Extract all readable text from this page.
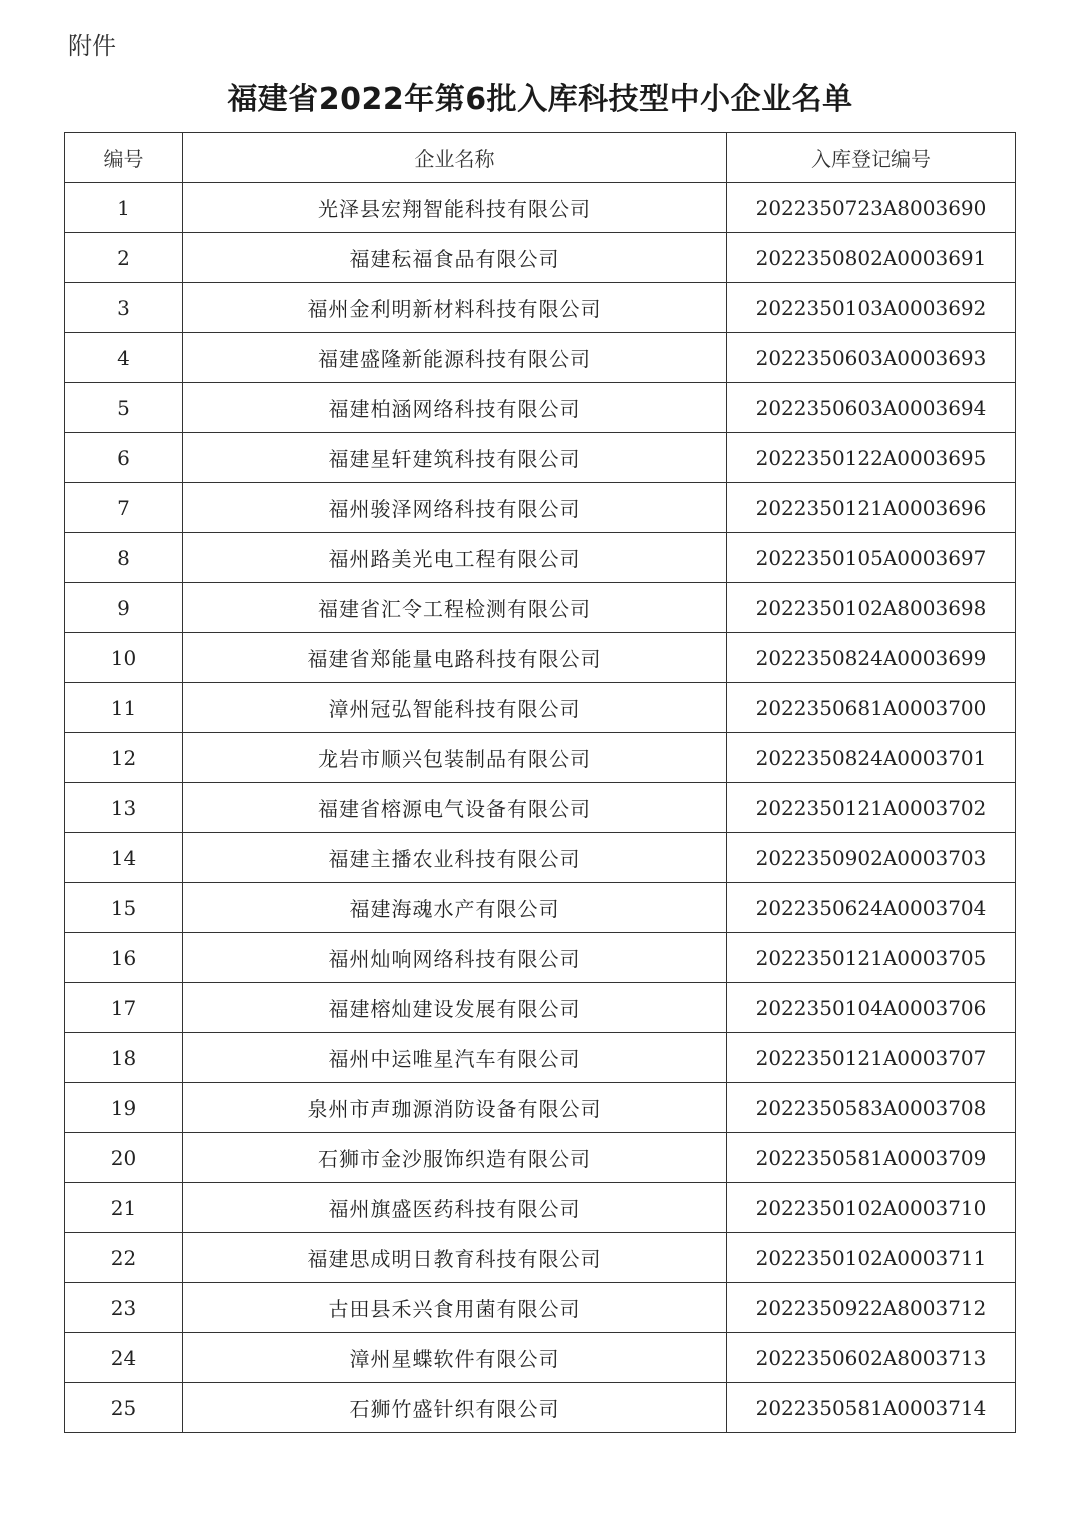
附件
福建省2022年第6批入库科技型中小企业名单
编号	企业名称	入库登记编号
1	光泽县宏翔智能科技有限公司	2022350723A8003690
2	福建秐福食品有限公司	2022350802A0003691
3	福州金利明新材料科技有限公司	2022350103A0003692
4	福建盛隆新能源科技有限公司	2022350603A0003693
5	福建柏涵网络科技有限公司	2022350603A0003694
6	福建星轩建筑科技有限公司	2022350122A0003695
7	福州骏泽网络科技有限公司	2022350121A0003696
8	福州路美光电工程有限公司	2022350105A0003697
9	福建省汇令工程检测有限公司	2022350102A8003698
10	福建省郑能量电路科技有限公司	2022350824A0003699
11	漳州冠弘智能科技有限公司	2022350681A0003700
12	龙岩市顺兴包装制品有限公司	2022350824A0003701
13	福建省榕源电气设备有限公司	2022350121A0003702
14	福建主播农业科技有限公司	2022350902A0003703
15	福建海魂水产有限公司	2022350624A0003704
16	福州灿响网络科技有限公司	2022350121A0003705
17	福建榕灿建设发展有限公司	2022350104A0003706
18	福州中运唯星汽车有限公司	2022350121A0003707
19	泉州市声珈源消防设备有限公司	2022350583A0003708
20	石狮市金沙服饰织造有限公司	2022350581A0003709
21	福州旗盛医药科技有限公司	2022350102A0003710
22	福建思成明日教育科技有限公司	2022350102A0003711
23	古田县禾兴食用菌有限公司	2022350922A8003712
24	漳州星蝶软件有限公司	2022350602A8003713
25	石狮竹盛针织有限公司	2022350581A0003714
